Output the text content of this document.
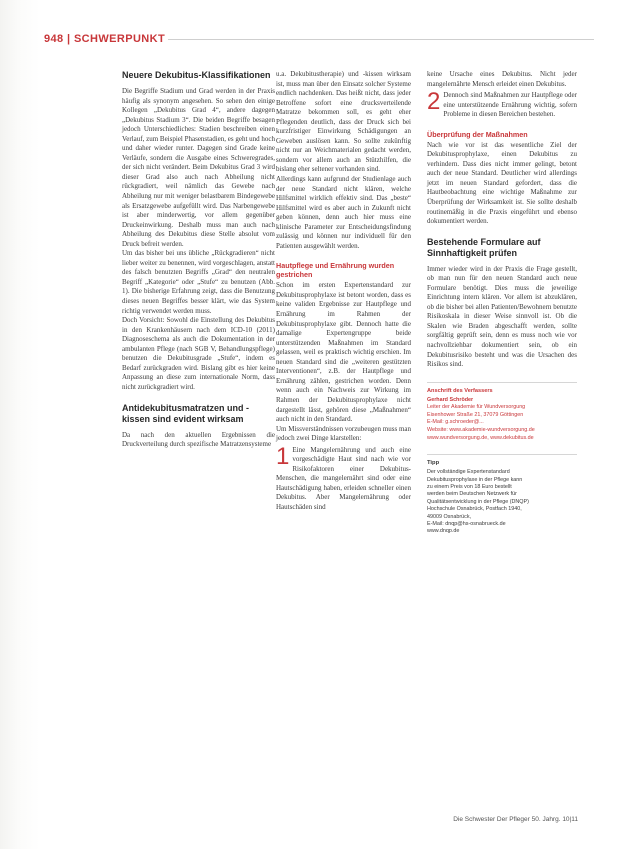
948 | SCHWERPUNKT
Neuere Dekubitus-Klassifikationen

Die Begriffe Stadium und Grad werden in der Praxis häufig als synonym angesehen. So sehen den einige Kollegen „Dekubitus Grad 4“, andere dagegen „Dekubitus Stadium 3“. Die beiden Begriffe besagen jedoch Unterschiedliches: Stadien beschreiben einen Verlauf, zum Beispiel Phasenstadien, es geht und hoch und daher wieder runter. Dagegen sind Grade keine Verläufe, sondern die Ausgabe eines Schweregrades, der sich nicht verändert. Beim Dekubitus Grad 3 wird dieser Grad also auch nach Abheilung nicht rückgradiert, weil nämlich das Gewebe nach Abheilung nur mit weniger belastbarem Bindegewebe als Ersatzgewebe aufgefüllt wird. Das Narbengewebe ist aber minderwertig, vor allem gegenüber Druckeinwirkung. Deshalb muss man auch nach Abheilung des Dekubitus diese Stelle absolut vom Druck befreit werden.

Um das bisher bei uns übliche „Rückgradieren“ nicht lieber weiter zu benennen, wird vorgeschlagen, anstatt des falsch benutzten Begriffs „Grad“ den neutralen Begriff „Kategorie“ oder „Stufe“ zu benutzen (Abb. 1). Die bisherige Erfahrung zeigt, dass die Benutzung dieses neuen Begriffes besser klärt, wie das System richtig verwendet werden muss.

Doch Vorsicht: Sowohl die Einstellung des Dekubitus in den Krankenhäusern nach dem ICD-10 (2011) Diagnoseschema als auch die Dokumentation in der ambulanten Pflege (nach SGB V, Behandlungspflege) benutzen die Dekubitusgrade „Stufe“, indem es Bedarf zurückgraden wird. Bislang gibt es hier keine Anpassung an diese zum internationale Norm, dass nicht zurückgradiert wird.

Antidekubitusmatratzen und -kissen sind evident wirksam

Da nach den aktuellen Ergebnissen die Druckverteilung durch spezifische Matratzensysteme

u.a. Dekubitustherapie) und -kissen wirksam ist, muss man über den Einsatz solcher Systeme endlich nachdenken. Das heißt nicht, dass jeder Betroffene sofort eine drucksverteilende Matratze bekommen soll, es geht eher Pflegenden deutlich, dass der Druck sich bei kurzfristiger Einwirkung Schädigungen an Geweben auslösen kann. So sollte zukünftig nicht nur an Weichmaterialen gedacht werden, sondern vor allem auch an Stützhilfen, die bislang eher seltener vorhanden sind.

Allerdings kann aufgrund der Studienlage auch der neue Standard nicht klären, welche Hilfsmittel wirklich effektiv sind. Das „beste“ Hilfsmittel wird es aber auch in Zukunft nicht geben können, denn auch hier muss eine klinische Parameter zur Entscheidungsfindung zulässig und können nur individuell für den Patienten ausgewählt werden.

Hautpflege und Ernährung wurden gestrichen

Schon im ersten Expertenstandard zur Dekubitusprophylaxe ist betont worden, dass es keine validen Ergebnisse zur Hautpflege und Ernährung im Rahmen der Dekubitusprophylaxe gibt. Dennoch hatte die damalige Expertengruppe beide unterstützenden Maßnahmen im Standard gelassen, weil es praktisch wichtig erschien. Im neuen Standard sind die „weiteren gestützten Interventionen“, z.B. der Hautpflege und Ernährung zählen, gestrichen worden. Denn wenn auch ein Nachweis zur Wirkung im Rahmen der Dekubitusprophylaxe nicht dargestellt lässt, gehören diese „Maßnahmen“ auch nicht in den Standard.

Um Missverständnissen vorzubeugen muss man jedoch zwei Dinge klarstellen:

1 Eine Mangelernährung und auch eine vorgeschädigte Haut sind nach wie vor Risikofaktoren einer Dekubitus-Menschen, die mangelernährt sind oder eine Hautschädigung haben, erleiden schneller einen Dekubitus. Aber Mangelernährung oder Hautschäden sind

keine Ursache eines Dekubitus. Nicht jeder mangelernährte Mensch erleidet einen Dekubitus.

2 Dennoch sind Maßnahmen zur Hautpflege oder eine unterstützende Ernährung wichtig, sofern Probleme in diesen Bereichen bestehen.

Überprüfung der Maßnahmen

Nach wie vor ist das wesentliche Ziel der Dekubitusprophylaxe, einen Dekubitus zu verhindern. Dass dies nicht immer gelingt, betont auch der neue Standard. Deutlicher wird allerdings jetzt im neuen Standard gefordert, dass die Hautbeobachtung eine wichtige Maßnahme zur Überprüfung der Wirksamkeit ist. Sie sollte deshalb routinemäßig in die Praxis eingeführt und ebenso dokumentiert werden.

Bestehende Formulare auf Sinnhaftigkeit prüfen

Immer wieder wird in der Praxis die Frage gestellt, ob man nun für den neuen Standard auch neue Formulare benötigt. Dies muss die jeweilige Einrichtung intern klären. Vor allem ist abzuklären, ob die bisher bei allen Patienten/Bewohnern benutzte Risikoskala in dieser Weise sinnvoll ist. Ob die Skalen wie Braden abgeschafft werden, sollte sorgfältig geprüft sein, denn es muss noch wie vor nachvollziehbar dokumentiert sein, ob ein Dekubitusrisiko besteht und was die Ursachen des Risikos sind.

Anschrift des Verfassers

Gerhard Schröder

Leiter der Akademie für Wundversorgung

Eisenhower Straße 21, 37079 Göttingen

E-Mail: g.schroeder@...

Website: www.akademie-wundversorgung.de

www.wundversorgung.de, www.dekubitus.de

Tipp

Der vollständige Expertenstandard

Dekubitusprophylaxe in der Pflege kann

zu einem Preis von 18 Euro bestellt

werden beim Deutschen Netzwerk für

Qualitätsentwicklung in der Pflege (DNQP)

Hochschule Osnabrück, Postfach 1940,

49009 Osnabrück,

E-Mail: dnqp@hs-osnabrueck.de

www.dnqp.de

Die Schwester Der Pfleger 50. Jahrg. 10|11
